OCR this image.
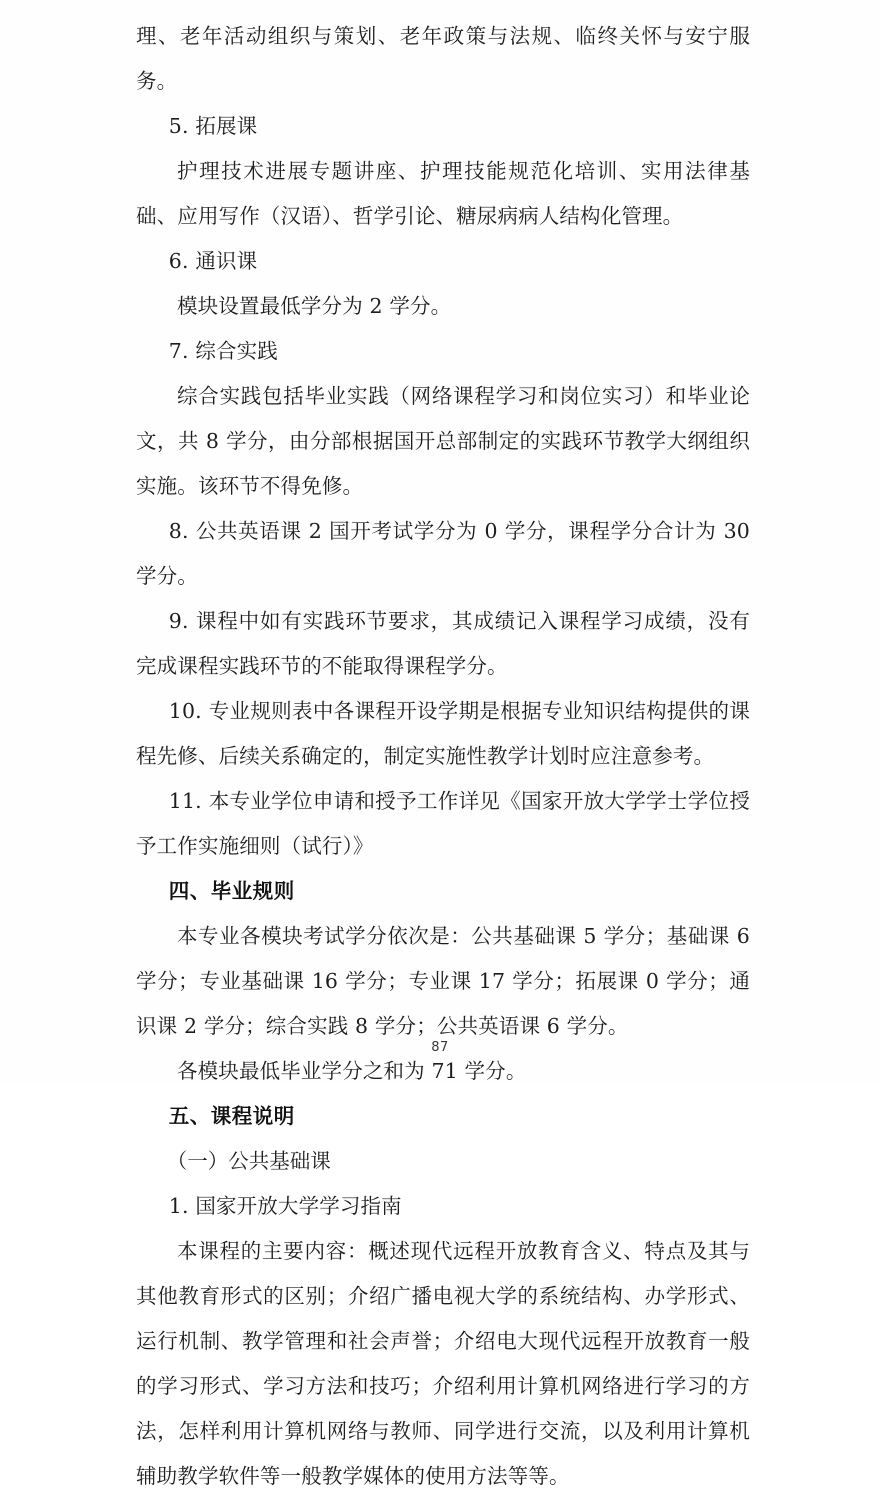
理、老年活动组织与策划、老年政策与法规、临终关怀与安宁服务。

5. 拓展课

护理技术进展专题讲座、护理技能规范化培训、实用法律基础、应用写作（汉语）、哲学引论、糖尿病病人结构化管理。

6. 通识课

模块设置最低学分为 2 学分。

7. 综合实践

综合实践包括毕业实践（网络课程学习和岗位实习）和毕业论文，共 8 学分，由分部根据国开总部制定的实践环节教学大纲组织实施。该环节不得免修。

8. 公共英语课 2 国开考试学分为 0 学分，课程学分合计为 30 学分。

9. 课程中如有实践环节要求，其成绩记入课程学习成绩，没有完成课程实践环节的不能取得课程学分。

10. 专业规则表中各课程开设学期是根据专业知识结构提供的课程先修、后续关系确定的，制定实施性教学计划时应注意参考。

11. 本专业学位申请和授予工作详见《国家开放大学学士学位授予工作实施细则（试行）》

四、毕业规则

本专业各模块考试学分依次是：公共基础课 5 学分；基础课 6 学分；专业基础课 16 学分；专业课 17 学分；拓展课 0 学分；通识课 2 学分；综合实践 8 学分；公共英语课 6 学分。

各模块最低毕业学分之和为 71 学分。

五、课程说明

（一）公共基础课

1. 国家开放大学学习指南

本课程的主要内容：概述现代远程开放教育含义、特点及其与其他教育形式的区别；介绍广播电视大学的系统结构、办学形式、运行机制、教学管理和社会声誉；介绍电大现代远程开放教育一般的学习形式、学习方法和技巧；介绍利用计算机网络进行学习的方法，怎样利用计算机网络与教师、同学进行交流，以及利用计算机辅助教学软件等一般教学媒体的使用方法等等。

87
